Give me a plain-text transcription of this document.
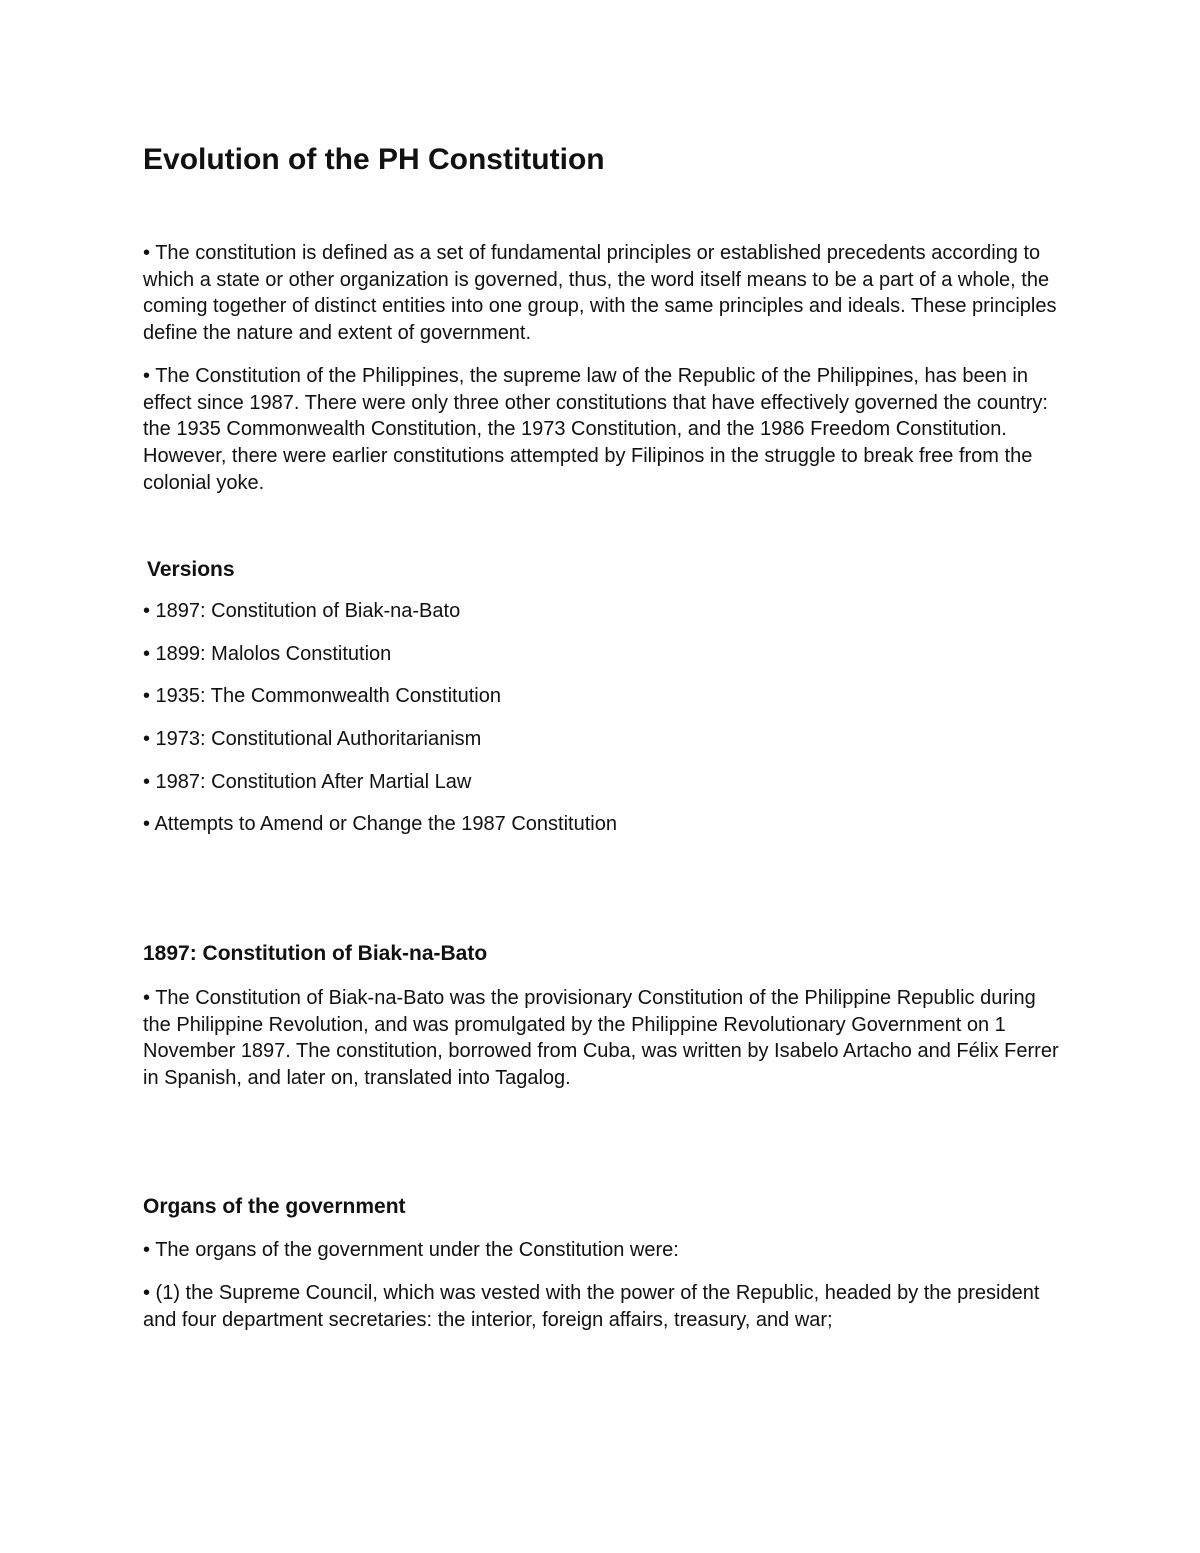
Evolution of the PH Constitution

• The constitution is defined as a set of fundamental principles or established precedents according to which a state or other organization is governed, thus, the word itself means to be a part of a whole, the coming together of distinct entities into one group, with the same principles and ideals. These principles define the nature and extent of government.

• The Constitution of the Philippines, the supreme law of the Republic of the Philippines, has been in effect since 1987. There were only three other constitutions that have effectively governed the country: the 1935 Commonwealth Constitution, the 1973 Constitution, and the 1986 Freedom Constitution. However, there were earlier constitutions attempted by Filipinos in the struggle to break free from the colonial yoke.

Versions
• 1897: Constitution of Biak-na-Bato
• 1899: Malolos Constitution
• 1935: The Commonwealth Constitution
• 1973: Constitutional Authoritarianism
• 1987: Constitution After Martial Law
• Attempts to Amend or Change the 1987 Constitution
1897: Constitution of Biak-na-Bato

• The Constitution of Biak-na-Bato was the provisionary Constitution of the Philippine Republic during the Philippine Revolution, and was promulgated by the Philippine Revolutionary Government on 1 November 1897. The constitution, borrowed from Cuba, was written by Isabelo Artacho and Félix Ferrer in Spanish, and later on, translated into Tagalog.

Organs of the government

• The organs of the government under the Constitution were:

• (1) the Supreme Council, which was vested with the power of the Republic, headed by the president and four department secretaries: the interior, foreign affairs, treasury, and war;
